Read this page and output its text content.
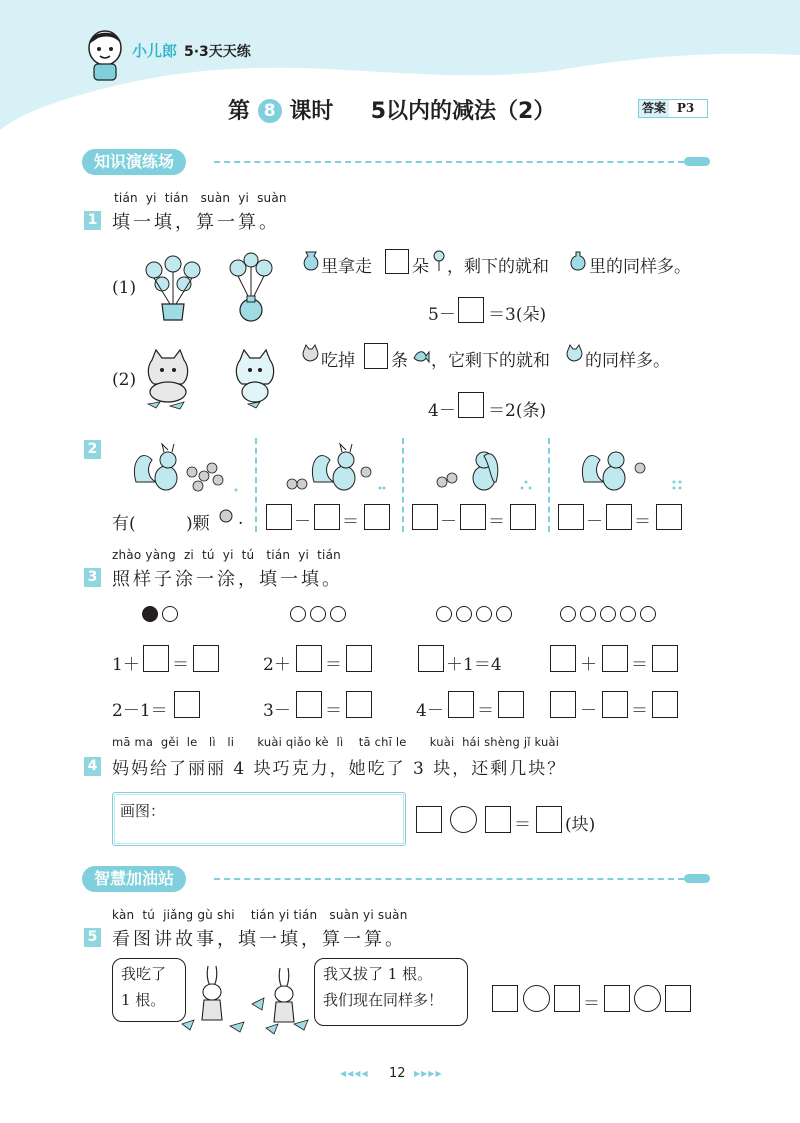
小儿郎 5·3天天练
第 8 课时 5以内的减法（2）	答案 P3
知识演练场
tián yi tián suàn yi suàn
1 填一填，算一算。
(1)
里拿走 朵 ，剩下的就和 里的同样多。
5－ ＝3(朵)
(2)
吃掉 条 ，它剩下的就和 的同样多。
4－ ＝2(条)
2
有(	)颗 .	－ ＝	－ ＝	－ ＝
zhào yàng zi tú yi tú tián yi tián
3 照样子涂一涂，填一填。
1＋ ＝	2＋ ＝	＋1＝4	＋ ＝
2－1＝	3－ ＝	4－ ＝	－ ＝
mā ma gěi le lì li kuài qiǎo kè lì tā chī le kuài hái shèng jǐ kuài
4 妈妈给了丽丽 4 块巧克力，她吃了 3 块，还剩几块？
画图：
＝ (块)
智慧加油站
kàn tú jiǎng gù shi tián yi tián suàn yi suàn
5 看图讲故事，填一填，算一算。
我吃了
1 根。
我又拔了 1 根。
我们现在同样多！	＝
◀◀◀◀ 12 ▶▶▶▶
